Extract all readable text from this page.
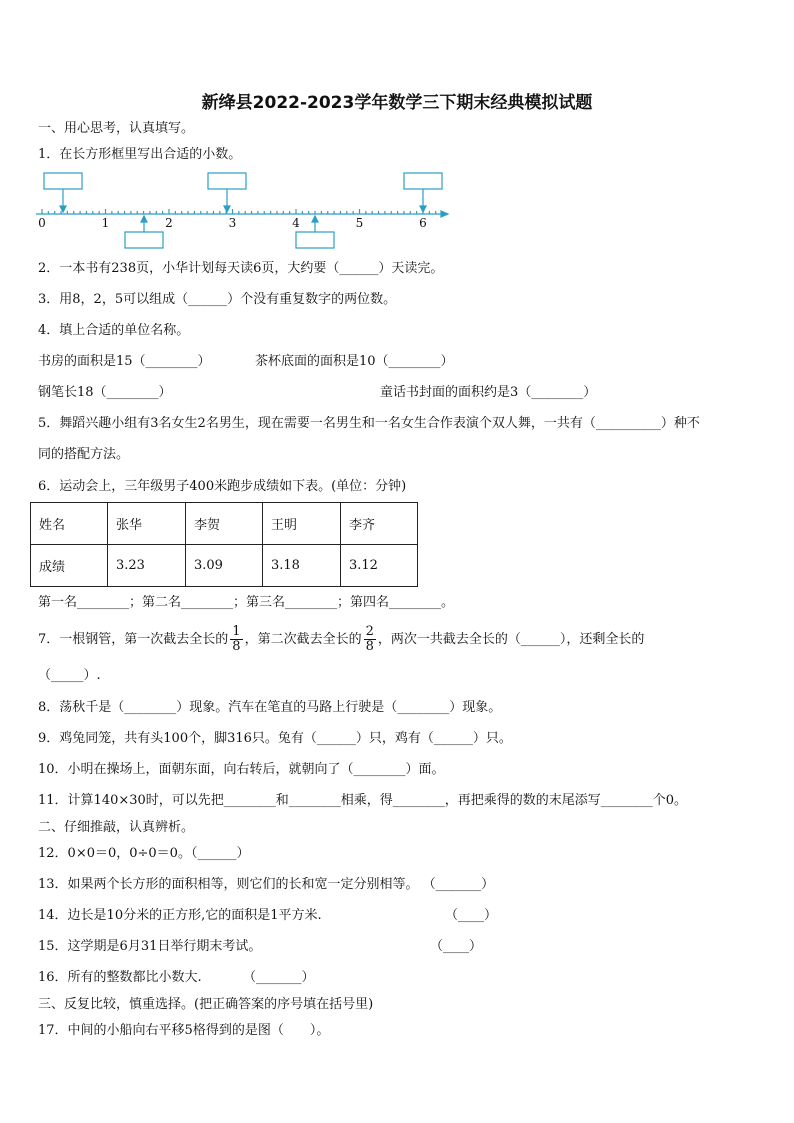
新绛县2022-2023学年数学三下期末经典模拟试题
一、用心思考，认真填写。
1．在长方形框里写出合适的小数。
0	1	2	3	4	5	6
2．一本书有238页，小华计划每天读6页，大约要（______）天读完。
3．用8，2，5可以组成（______）个没有重复数字的两位数。
4．填上合适的单位名称。
书房的面积是15（________）	茶杯底面的面积是10（________）
钢笔长18（________）	童话书封面的面积约是3（________）
5．舞蹈兴趣小组有3名女生2名男生，现在需要一名男生和一名女生合作表演个双人舞，一共有（__________）种不
同的搭配方法。
6．运动会上，三年级男子400米跑步成绩如下表。(单位：分钟)
姓名	张华	李贺	王明	李齐
成绩	3.23	3.09	3.18	3.12
第一名________；第二名________；第三名________；第四名________。
7．一根钢管，第一次截去全长的 $\frac{1}{8}$ ，第二次截去全长的 $\frac{2}{8}$ ，两次一共截去全长的（______），还剩全长的
（_____）.
8．荡秋千是（________）现象。汽车在笔直的马路上行驶是（________）现象。
9．鸡兔同笼，共有头100个，脚316只。兔有（______）只，鸡有（______）只。
10．小明在操场上，面朝东面，向右转后，就朝向了（________）面。
11．计算140×30时，可以先把________和________相乘，得________，再把乘得的数的末尾添写________个0。
二、仔细推敲，认真辨析。
12．0×0＝0，0÷0＝0。（______）
13．如果两个长方形的面积相等，则它们的长和宽一定分别相等。 （_______）
14．边长是10分米的正方形,它的面积是1平方米.	（____）
15．这学期是6月31日举行期末考试。	（____）
16．所有的整数都比小数大.	（_______）
三、反复比较，慎重选择。(把正确答案的序号填在括号里)
17．中间的小船向右平移5格得到的是图（　　）。
